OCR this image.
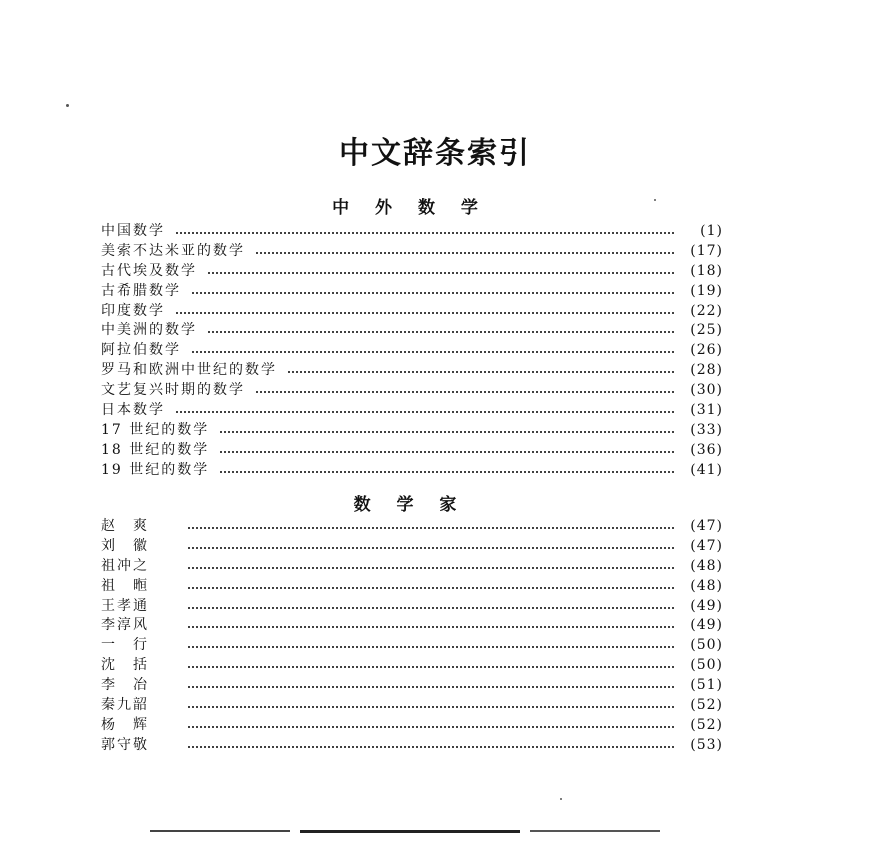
中文辞条索引
中 外 数 学
中国数学	(1)
美索不达米亚的数学	(17)
古代埃及数学	(18)
古希腊数学	(19)
印度数学	(22)
中美洲的数学	(25)
阿拉伯数学	(26)
罗马和欧洲中世纪的数学	(28)
文艺复兴时期的数学	(30)
日本数学	(31)
17 世纪的数学	(33)
18 世纪的数学	(36)
19 世纪的数学	(41)
数 学 家
赵　爽	(47)
刘　徽	(47)
祖冲之	(48)
祖　暅	(48)
王孝通	(49)
李淳风	(49)
一　行	(50)
沈　括	(50)
李　冶	(51)
秦九韶	(52)
杨　辉	(52)
郭守敬	(53)
